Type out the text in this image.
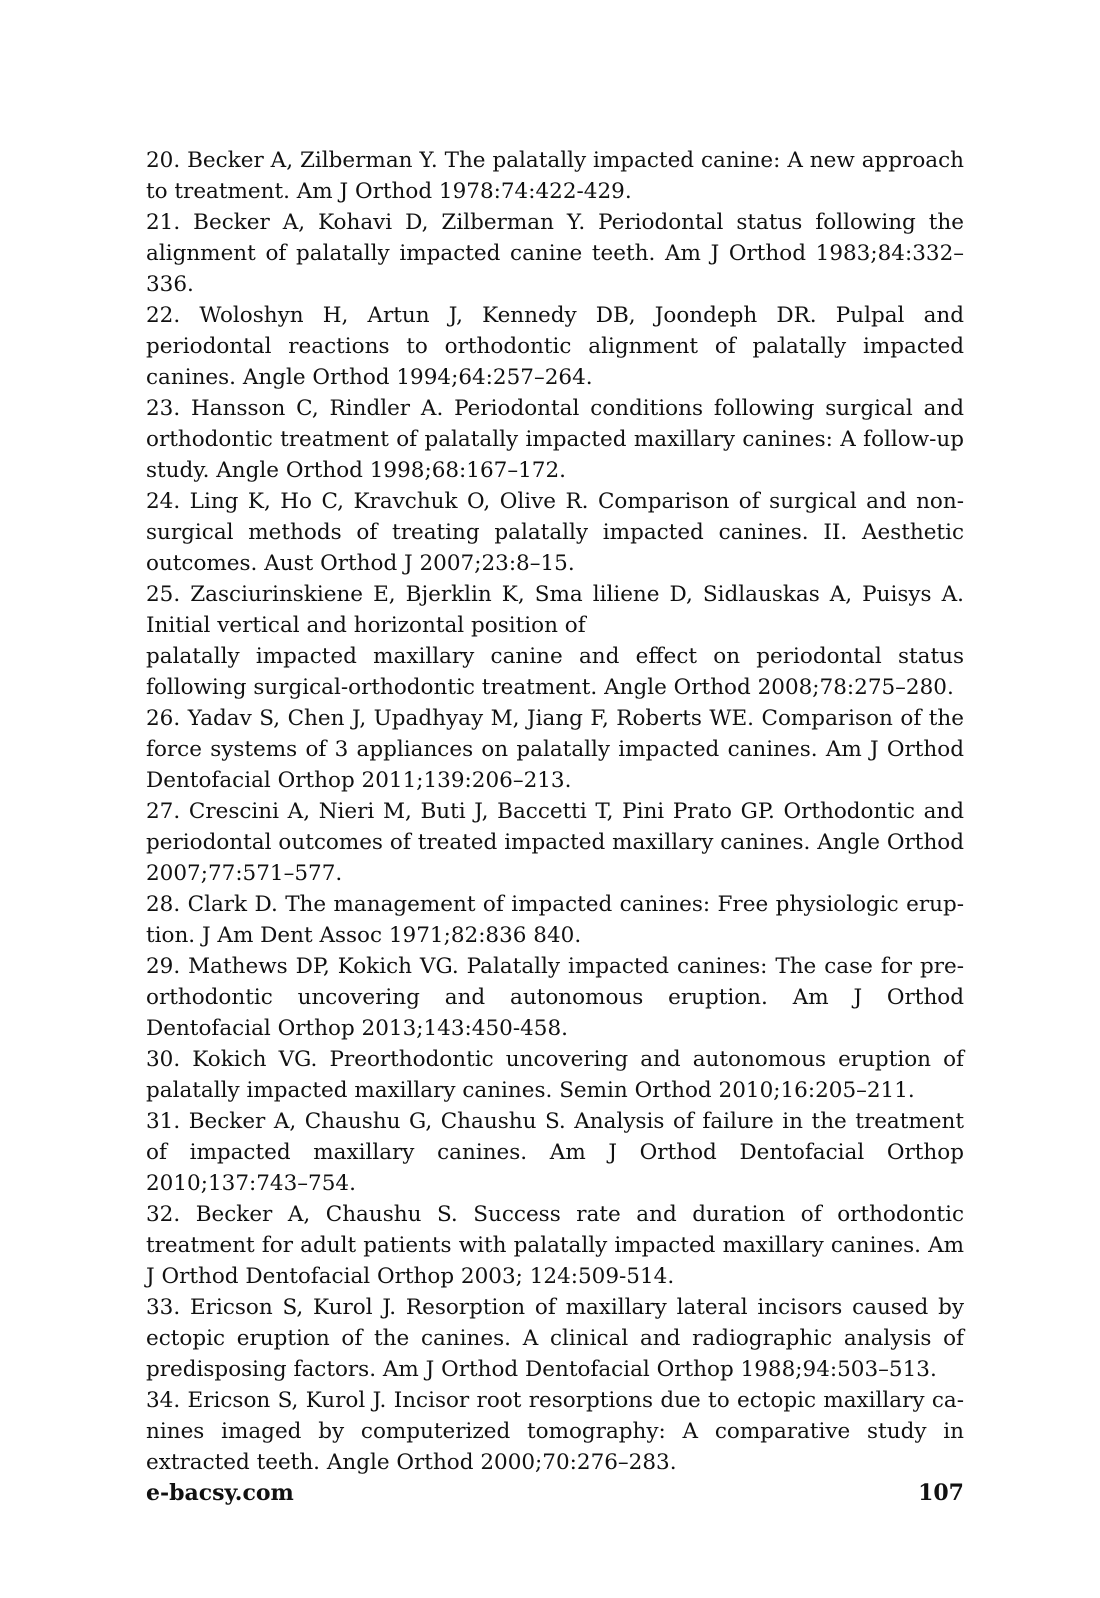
20. Becker A, Zilberman Y. The palatally impacted canine: A new approach to treatment. Am J Orthod 1978:74:422-429.
21. Becker A, Kohavi D, Zilberman Y. Periodontal status following the alignment of palatally impacted canine teeth. Am J Orthod 1983;84:332–336.
22. Woloshyn H, Artun J, Kennedy DB, Joondeph DR. Pulpal and periodontal reactions to orthodontic alignment of palatally impacted canines. Angle Orthod 1994;64:257–264.
23. Hansson C, Rindler A. Periodontal conditions following surgical and orthodontic treatment of palatally impacted maxillary canines: A follow-up study. Angle Orthod 1998;68:167–172.
24. Ling K, Ho C, Kravchuk O, Olive R. Comparison of surgical and non-surgical methods of treating palatally impacted canines. II. Aesthetic outcomes. Aust Orthod J 2007;23:8–15.
25. Zasciurinskiene E, Bjerklin K, Sma liliene D, Sidlauskas A, Puisys A. Initial vertical and horizontal position of
palatally impacted maxillary canine and effect on periodontal status following surgical-orthodontic treatment. Angle Orthod 2008;78:275–280.
26. Yadav S, Chen J, Upadhyay M, Jiang F, Roberts WE. Comparison of the force systems of 3 appliances on palatally impacted canines. Am J Orthod Dentofacial Orthop 2011;139:206–213.
27. Crescini A, Nieri M, Buti J, Baccetti T, Pini Prato GP. Orthodontic and periodontal outcomes of treated impacted maxillary canines. Angle Orthod 2007;77:571–577.
28. Clark D. The management of impacted canines: Free physiologic eruption. J Am Dent Assoc 1971;82:836 840.
29. Mathews DP, Kokich VG. Palatally impacted canines: The case for pre-orthodontic uncovering and autonomous eruption. Am J Orthod Dentofacial Orthop 2013;143:450-458.
30. Kokich VG. Preorthodontic uncovering and autonomous eruption of palatally impacted maxillary canines. Semin Orthod 2010;16:205–211.
31. Becker A, Chaushu G, Chaushu S. Analysis of failure in the treatment of impacted maxillary canines. Am J Orthod Dentofacial Orthop 2010;137:743–754.
32. Becker A, Chaushu S. Success rate and duration of orthodontic treatment for adult patients with palatally impacted maxillary canines. Am J Orthod Dentofacial Orthop 2003; 124:509-514.
33. Ericson S, Kurol J. Resorption of maxillary lateral incisors caused by ectopic eruption of the canines. A clinical and radiographic analysis of predisposing factors. Am J Orthod Dentofacial Orthop 1988;94:503–513.
34. Ericson S, Kurol J. Incisor root resorptions due to ectopic maxillary canines imaged by computerized tomography: A comparative study in extracted teeth. Angle Orthod 2000;70:276–283.
e-bacsy.com	107
